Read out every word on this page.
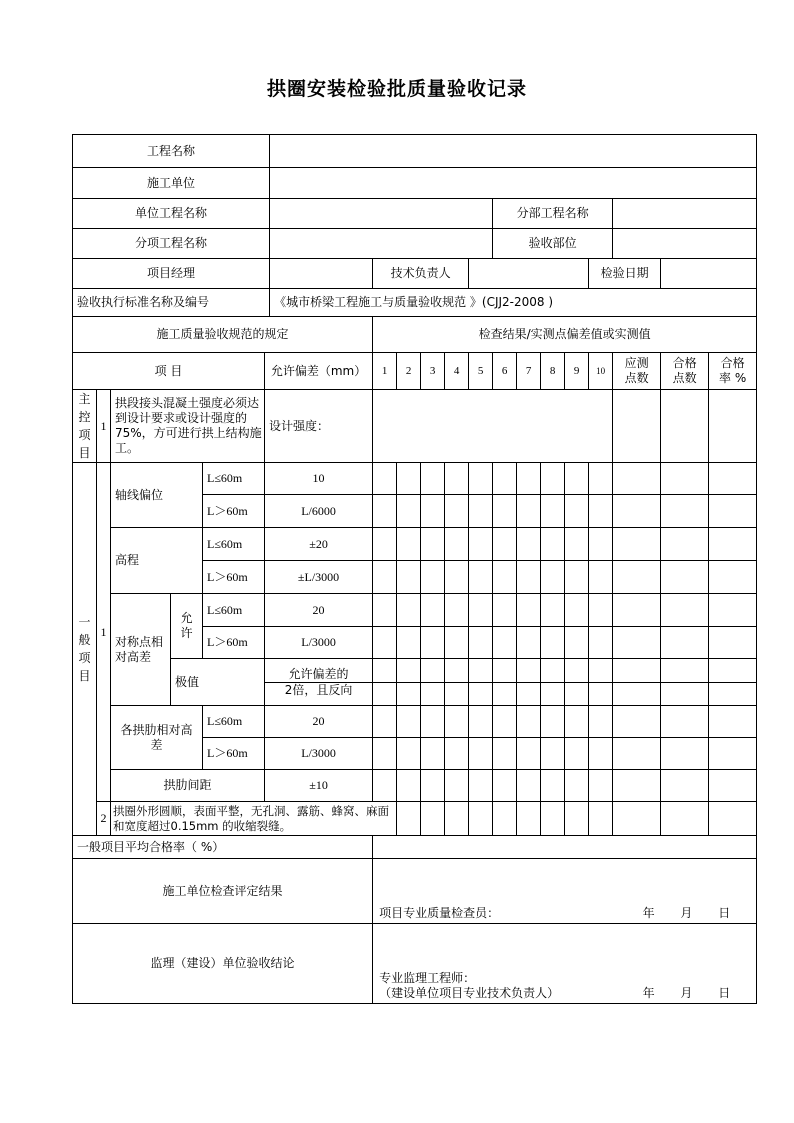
拱圈安装检验批质量验收记录
工程名称																				
施工单位																				
单位工程名称												分部工程名称								
分项工程名称												验收部位								
项目经理							技术负责人									检验日期				
验收执行标准名称及编号						《城市桥梁工程施工与质量验收规范 》(CJJ2-2008 )														
施工质量验收规范的规定							检查结果/实测点偏差值或实测值													
项 目					允许偏差（mm）		1	2	3	4	5	6	7	8	9	10	应测点数	合格点数	合格率 %	
主控项目	1	拱段接头混凝土强度必须达到设计要求或设计强度的75%，方可进行拱上结构施工。			设计强度：															
一般项目	1	轴线偏位		L≤60m	10															
				L＞60m	L/6000															
		高程		L≤60m	±20															
				L＞60m	±L/3000															
		对称点相对高差	允许	L≤60m	20															
				L＞60m	L/3000															
			极值		允许偏差的															
					2倍，且反向															
		各拱肋相对高差		L≤60m	20															
				L＞60m	L/3000															
		拱肋间距			±10															
	2	拱圈外形圆顺，表面平整，无孔洞、露筋、蜂窝、麻面和宽度超过0.15mm 的收缩裂缝。																		
一般项目平均合格率（ %）																				
施工单位检查评定结果							项目专业质量检查员： 年 月 日													

监理（建设）单位验收结论							专业监理工程师：
（建设单位项目专业技术负责人） 年 月 日													
